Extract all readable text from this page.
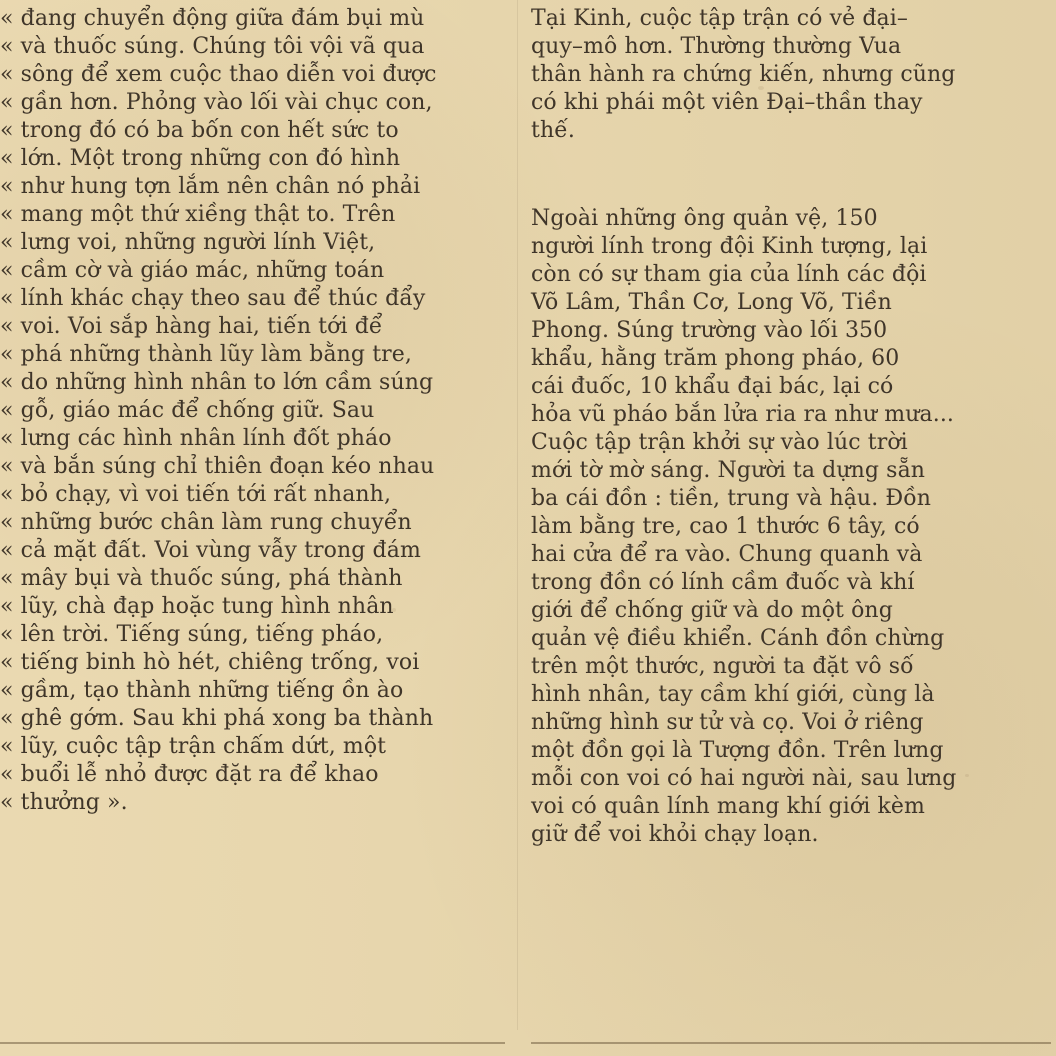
« đang chuyển động giữa đám bụi mù
« và thuốc súng. Chúng tôi vội vã qua
« sông để xem cuộc thao diễn voi được
« gần hơn. Phỏng vào lối vài chục con,
« trong đó có ba bốn con hết sức to
« lớn. Một trong những con đó hình
« như hung tợn lắm nên chân nó phải
« mang một thứ xiềng thật to. Trên
« lưng voi, những người lính Việt,
« cầm cờ và giáo mác, những toán
« lính khác chạy theo sau để thúc đẩy
« voi. Voi sắp hàng hai, tiến tới để
« phá những thành lũy làm bằng tre,
« do những hình nhân to lớn cầm súng
« gỗ, giáo mác để chống giữ. Sau
« lưng các hình nhân lính đốt pháo
« và bắn súng chỉ thiên đoạn kéo nhau
« bỏ chạy, vì voi tiến tới rất nhanh,
« những bước chân làm rung chuyển
« cả mặt đất. Voi vùng vẫy trong đám
« mây bụi và thuốc súng, phá thành
« lũy, chà đạp hoặc tung hình nhân
« lên trời. Tiếng súng, tiếng pháo,
« tiếng binh hò hét, chiêng trống, voi
« gầm, tạo thành những tiếng ồn ào
« ghê gớm. Sau khi phá xong ba thành
« lũy, cuộc tập trận chấm dứt, một
« buổi lễ nhỏ được đặt ra để khao
« thưởng ».
Tại Kinh, cuộc tập trận có vẻ đại–
quy–mô hơn. Thường thường Vua
thân hành ra chứng kiến, nhưng cũng
có khi phái một viên Đại–thần thay
thế.
Ngoài những ông quản vệ, 150
người lính trong đội Kinh tượng, lại
còn có sự tham gia của lính các đội
Võ Lâm, Thần Cơ, Long Võ, Tiền
Phong. Súng trường vào lối 350
khẩu, hằng trăm phong pháo, 60
cái đuốc, 10 khẩu đại bác, lại có
hỏa vũ pháo bắn lửa ria ra như mưa...
Cuộc tập trận khởi sự vào lúc trời
mới tờ mờ sáng. Người ta dựng sẵn
ba cái đồn : tiền, trung và hậu. Đồn
làm bằng tre, cao 1 thước 6 tây, có
hai cửa để ra vào. Chung quanh và
trong đồn có lính cầm đuốc và khí
giới để chống giữ và do một ông
quản vệ điều khiển. Cánh đồn chừng
trên một thước, người ta đặt vô số
hình nhân, tay cầm khí giới, cùng là
những hình sư tử và cọ. Voi ở riêng
một đồn gọi là Tượng đồn. Trên lưng
mỗi con voi có hai người nài, sau lưng
voi có quân lính mang khí giới kèm
giữ để voi khỏi chạy loạn.
